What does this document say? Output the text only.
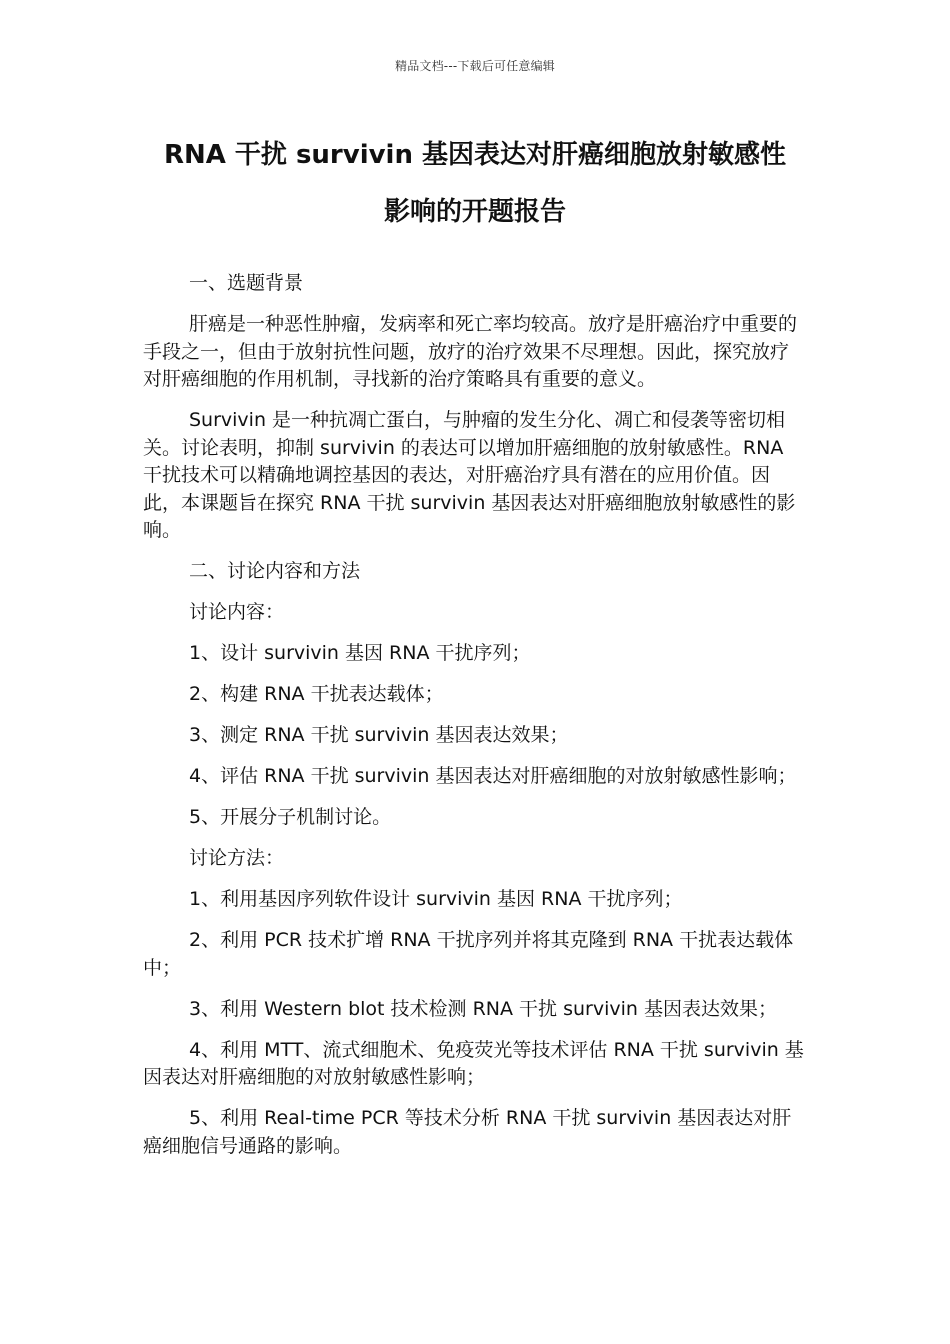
精品文档---下载后可任意编辑
RNA 干扰 survivin 基因表达对肝癌细胞放射敏感性
影响的开题报告

一、选题背景

肝癌是一种恶性肿瘤，发病率和死亡率均较高。放疗是肝癌治疗中重要的手段之一，但由于放射抗性问题，放疗的治疗效果不尽理想。因此，探究放疗对肝癌细胞的作用机制，寻找新的治疗策略具有重要的意义。

Survivin 是一种抗凋亡蛋白，与肿瘤的发生分化、凋亡和侵袭等密切相关。讨论表明，抑制 survivin 的表达可以增加肝癌细胞的放射敏感性。RNA 干扰技术可以精确地调控基因的表达，对肝癌治疗具有潜在的应用价值。因此，本课题旨在探究 RNA 干扰 survivin 基因表达对肝癌细胞放射敏感性的影响。

二、讨论内容和方法

讨论内容：

1、设计 survivin 基因 RNA 干扰序列；

2、构建 RNA 干扰表达载体；

3、测定 RNA 干扰 survivin 基因表达效果；

4、评估 RNA 干扰 survivin 基因表达对肝癌细胞的对放射敏感性影响；

5、开展分子机制讨论。

讨论方法：

1、利用基因序列软件设计 survivin 基因 RNA 干扰序列；

2、利用 PCR 技术扩增 RNA 干扰序列并将其克隆到 RNA 干扰表达载体中；

3、利用 Western blot 技术检测 RNA 干扰 survivin 基因表达效果；

4、利用 MTT、流式细胞术、免疫荧光等技术评估 RNA 干扰 survivin 基因表达对肝癌细胞的对放射敏感性影响；

5、利用 Real-time PCR 等技术分析 RNA 干扰 survivin 基因表达对肝癌细胞信号通路的影响。
